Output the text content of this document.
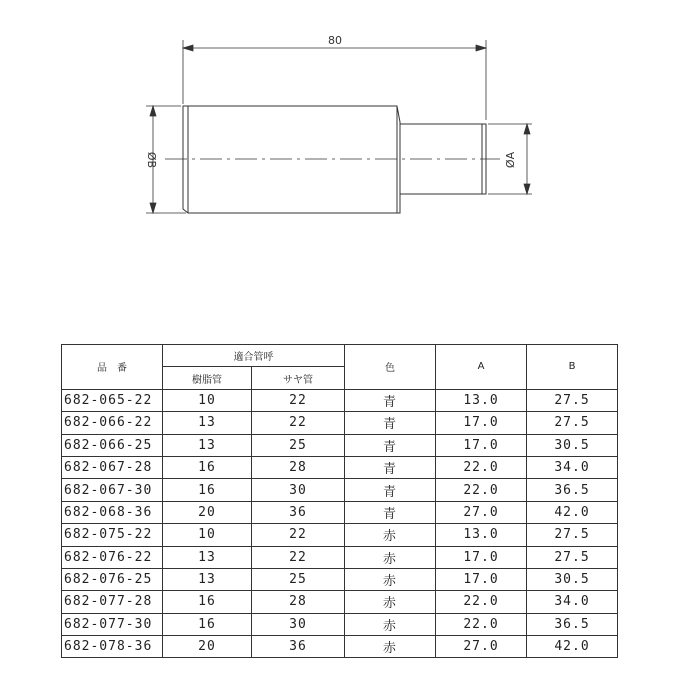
80
ØB	ØA
品　番	適合管呼		色	A	B
	樹脂管	サヤ管			
682-065-22	10	22	青	13.0	27.5
682-066-22	13	22	青	17.0	27.5
682-066-25	13	25	青	17.0	30.5
682-067-28	16	28	青	22.0	34.0
682-067-30	16	30	青	22.0	36.5
682-068-36	20	36	青	27.0	42.0
682-075-22	10	22	赤	13.0	27.5
682-076-22	13	22	赤	17.0	27.5
682-076-25	13	25	赤	17.0	30.5
682-077-28	16	28	赤	22.0	34.0
682-077-30	16	30	赤	22.0	36.5
682-078-36	20	36	赤	27.0	42.0
